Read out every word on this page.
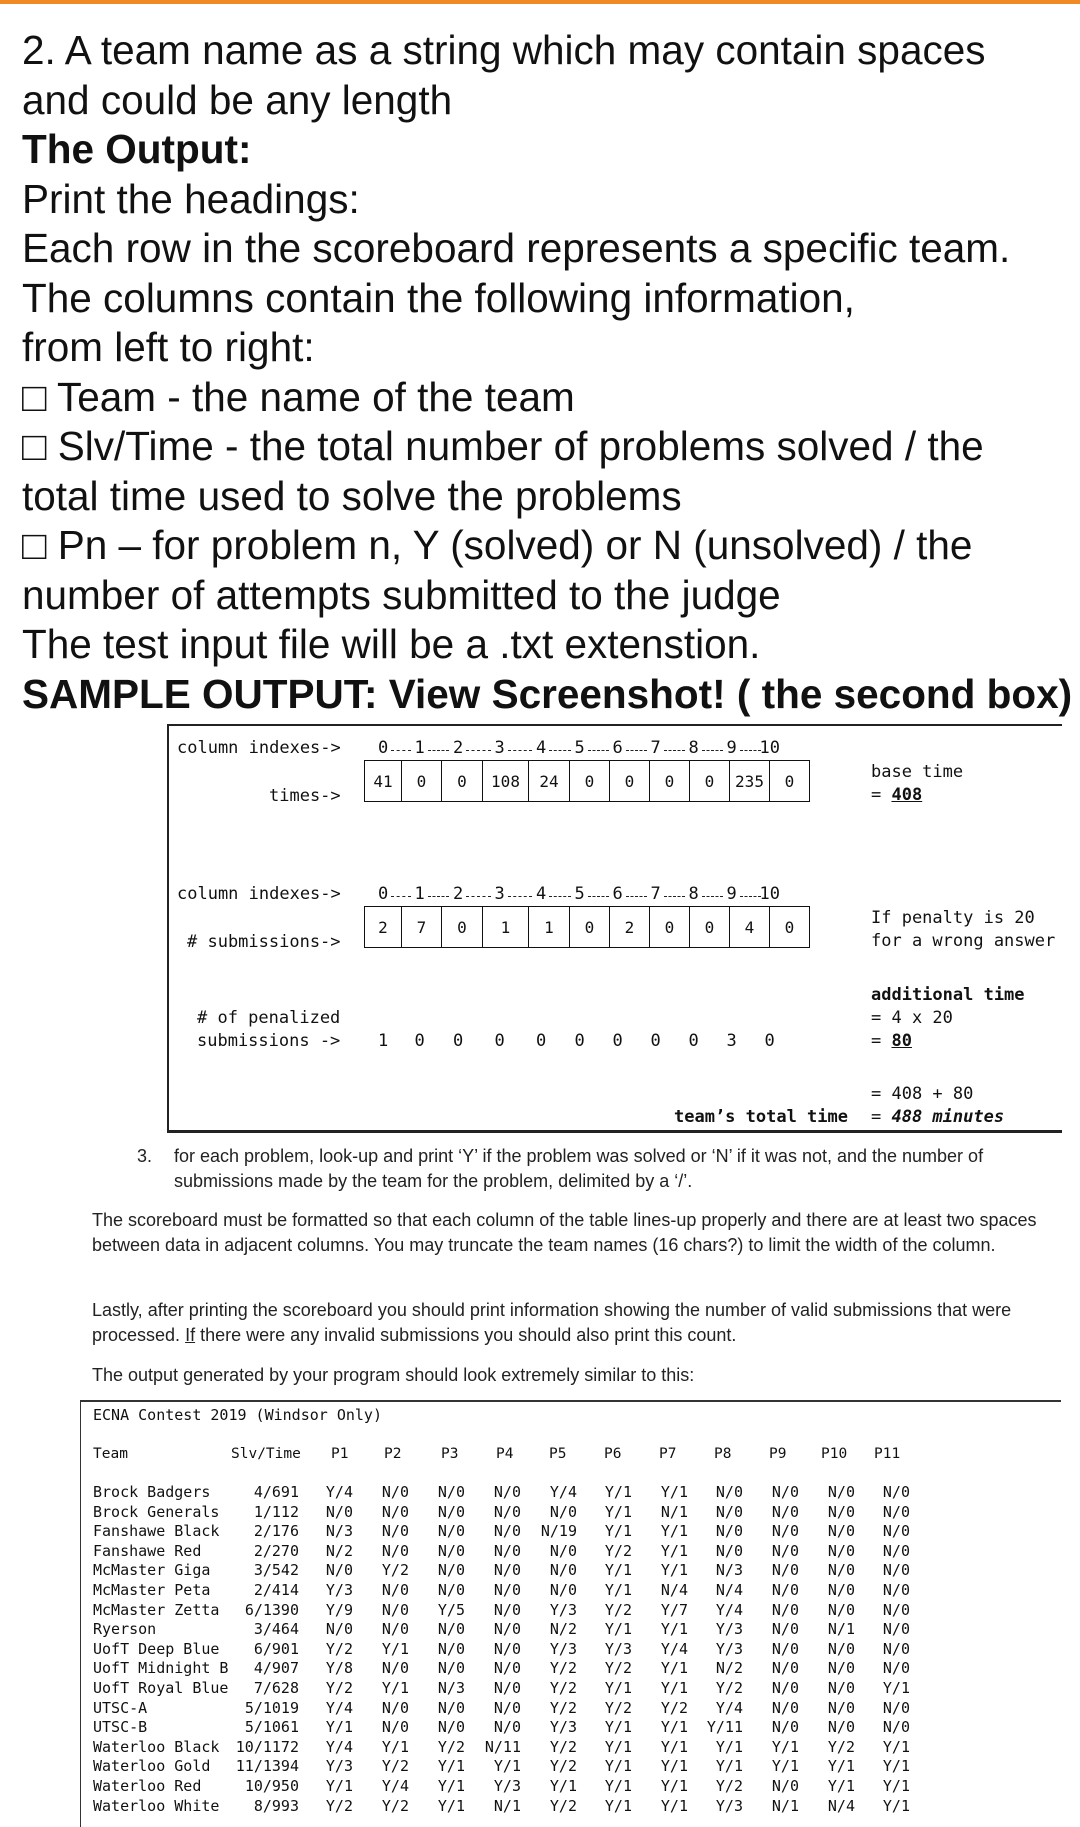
2. A team name as a string which may contain spaces

and could be any length

The Output:

Print the headings:

Each row in the scoreboard represents a specific team.

The columns contain the following information,

from left to right:

□ Team - the name of the team

□ Slv/Time - the total number of problems solved / the

total time used to solve the problems

□ Pn – for problem n, Y (solved) or N (unsolved) / the

number of attempts submitted to the judge

The test input file will be a .txt extenstion.

SAMPLE OUTPUT: View Screenshot! ( the second box)

column indexes-> 0 1 2 3 4 5 6 7 8 9 10
times->
41	0	0	108	24	0	0	0	0	235	0	base time
= 408
column indexes-> 0 1 2 3 4 5 6 7 8 9 10
# submissions->
2	7	0	1	1	0	2	0	0	4	0	If penalty is 20
for a wrong answer
# of penalized
submissions -> 1 0 0 0 0 0 0 0 0 3 0
additional time
= 4 x 20
= 80
= 408 + 80
team’s total time = 488 minutes
3. for each problem, look-up and print ‘Y’ if the problem was solved or ‘N’ if it was not, and the number of submissions made by the team for the problem, delimited by a ‘/’.

The scoreboard must be formatted so that each column of the table lines-up properly and there are at least two spaces between data in adjacent columns. You may truncate the team names (16 chars?) to limit the width of the column.

Lastly, after printing the scoreboard you should print information showing the number of valid submissions that were processed. If there were any invalid submissions you should also print this count.

The output generated by your program should look extremely similar to this:

ECNA Contest 2019 (Windsor Only)
Team	Slv/Time P1 P2	P3	P4 P5	P6	P7	P8	P9 P10 P11
Brock Badgers	4/691 Y/4 N/0 N/0 N/0 Y/4 Y/1 Y/1 N/0 N/0 N/0 N/0
Brock Generals 1/112 N/0 N/0 N/0 N/0 N/0 Y/1 N/1 N/0 N/0 N/0 N/0
Fanshawe Black 2/176 N/3 N/0 N/0 N/0 N/19 Y/1 Y/1 N/0 N/0 N/0 N/0
Fanshawe Red	2/270 N/2 N/0 N/0 N/0 N/0 Y/2 Y/1 N/0 N/0 N/0 N/0
McMaster Giga	3/542 N/0 Y/2 N/0 N/0 N/0 Y/1 Y/1 N/3 N/0 N/0 N/0
McMaster Peta	2/414 Y/3 N/0 N/0 N/0 N/0 Y/1 N/4 N/4 N/0 N/0 N/0
McMaster Zetta 6/1390 Y/9 N/0 Y/5 N/0 Y/3 Y/2 Y/7 Y/4 N/0 N/0 N/0
Ryerson	3/464 N/0 N/0 N/0 N/0 N/2 Y/1 Y/1 Y/3 N/0 N/1 N/0
UofT Deep Blue 6/901 Y/2 Y/1 N/0 N/0 Y/3 Y/3 Y/4 Y/3 N/0 N/0 N/0
UofT Midnight B 4/907 Y/8 N/0 N/0 N/0 Y/2 Y/2 Y/1 N/2 N/0 N/0 N/0
UofT Royal Blue 7/628 Y/2 Y/1 N/3 N/0 Y/2 Y/1 Y/1 Y/2 N/0 N/0 Y/1
UTSC-A	5/1019 Y/4 N/0 N/0 N/0 Y/2 Y/2 Y/2 Y/4 N/0 N/0 N/0
UTSC-B	5/1061 Y/1 N/0 N/0 N/0 Y/3 Y/1 Y/1 Y/11 N/0 N/0 N/0
Waterloo Black 10/1172 Y/4 Y/1 Y/2 N/11 Y/2 Y/1 Y/1 Y/1 Y/1 Y/2 Y/1
Waterloo Gold 11/1394 Y/3 Y/2 Y/1 Y/1 Y/2 Y/1 Y/1 Y/1 Y/1 Y/1 Y/1
Waterloo Red	10/950 Y/1 Y/4 Y/1 Y/3 Y/1 Y/1 Y/1 Y/2 N/0 Y/1 Y/1
Waterloo White 8/993 Y/2 Y/2 Y/1 N/1 Y/2 Y/1 Y/1 Y/3 N/1 N/4 Y/1
